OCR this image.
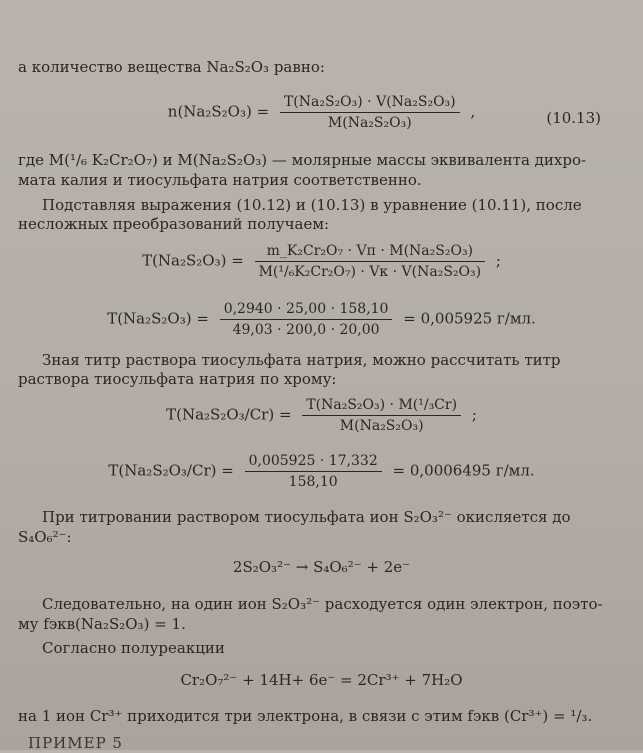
а количество вещества Na₂S₂O₃ равно:
$n(Na_2S_2O_3) = \frac{\text{T(Na₂S₂O₃) · V(Na₂S₂O₃)}}{\text{M(Na₂S₂O₃)}}$ ,	(10.13)
где M(¹/₆ K₂Cr₂O₇) и M(Na₂S₂O₃) — молярные массы эквивалента дихро-
мата калия и тиосульфата натрия соответственно.
Подставляя выражения (10.12) и (10.13) в уравнение (10.11), после
несложных преобразований получаем:
$T(Na_2S_2O_3) = \frac{\text{m\_K₂Cr₂O₇ · Vп · M(Na₂S₂O₃)}}{\text{M(¹/₆K₂Cr₂O₇) · Vк · V(Na₂S₂O₃)}}$ ;
$T(Na_2S_2O_3) = \frac{0,2940 \cdot 25,00 \cdot 158,10}{49,03 \cdot 200,0 \cdot 20,00} = 0,005925$ г/мл.
Зная титр раствора тиосульфата натрия, можно рассчитать титр
раствора тиосульфата натрия по хрому:
$T(Na_2S_2O_3/Cr) = \frac{\text{T(Na₂S₂O₃) · M(¹/₃Cr)}}{\text{M(Na₂S₂O₃)}}$ ;
$T(Na_2S_2O_3/Cr) = \frac{0,005925 \cdot 17,332}{158,10} = 0,0006495$ г/мл.
При титровании раствором тиосульфата ион S₂O₃²⁻ окисляется до
S₄O₆²⁻:
2S₂O₃²⁻ → S₄O₆²⁻ + 2e⁻
Следовательно, на один ион S₂O₃²⁻ расходуется один электрон, поэто-
му fэкв(Na₂S₂O₃) = 1.
Согласно полуреакции
Cr₂O₇²⁻ + 14H+ 6e⁻ = 2Cr³⁺ + 7H₂O
на 1 ион Cr³⁺ приходится три электрона, в связи с этим fэкв (Cr³⁺) = ¹/₃.
ПРИМЕР 5
